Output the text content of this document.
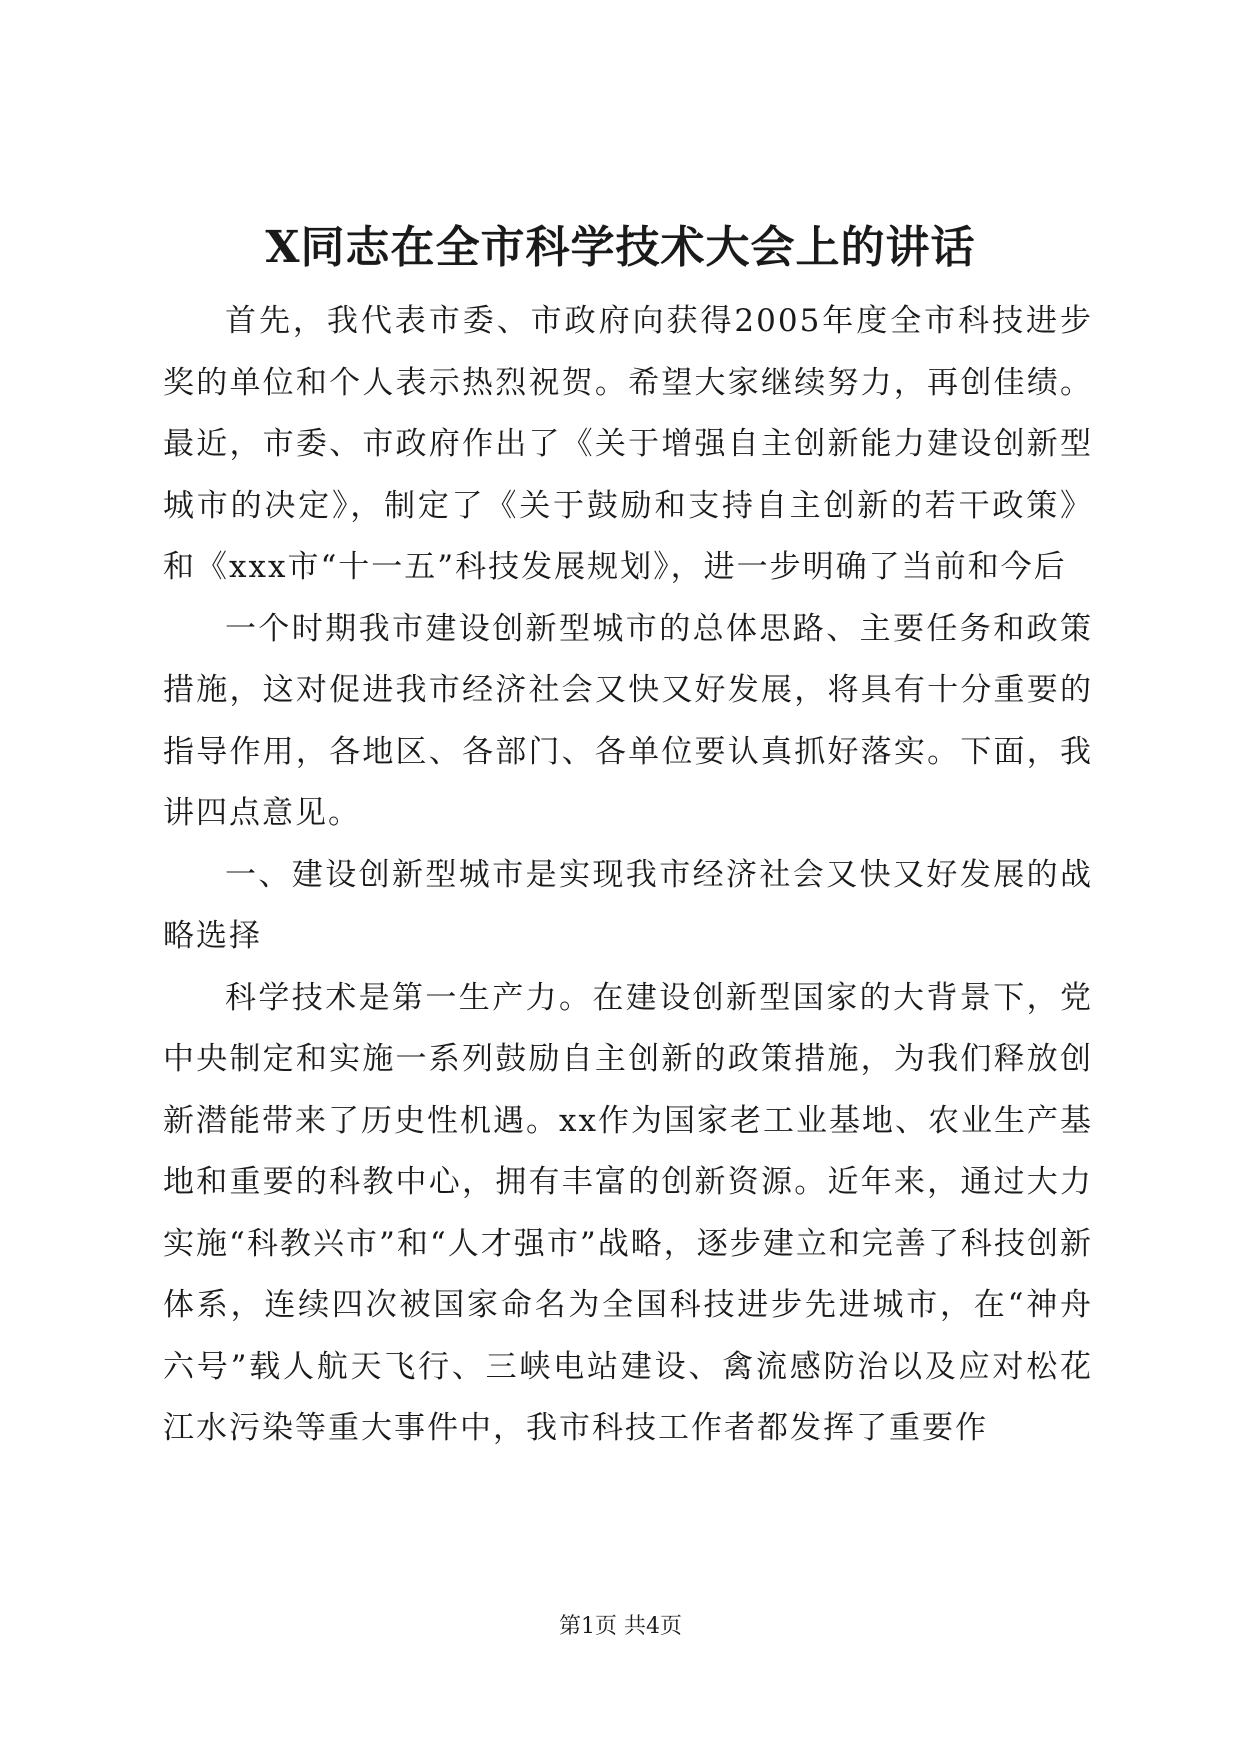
X同志在全市科学技术大会上的讲话

首先，我代表市委、市政府向获得2005年度全市科技进步奖的单位和个人表示热烈祝贺。希望大家继续努力，再创佳绩。最近，市委、市政府作出了《关于增强自主创新能力建设创新型城市的决定》，制定了《关于鼓励和支持自主创新的若干政策》和《xxx市“十一五”科技发展规划》，进一步明确了当前和今后

一个时期我市建设创新型城市的总体思路、主要任务和政策措施，这对促进我市经济社会又快又好发展，将具有十分重要的指导作用，各地区、各部门、各单位要认真抓好落实。下面，我讲四点意见。

一、建设创新型城市是实现我市经济社会又快又好发展的战略选择

科学技术是第一生产力。在建设创新型国家的大背景下，党中央制定和实施一系列鼓励自主创新的政策措施，为我们释放创新潜能带来了历史性机遇。xx作为国家老工业基地、农业生产基地和重要的科教中心，拥有丰富的创新资源。近年来，通过大力实施“科教兴市”和“人才强市”战略，逐步建立和完善了科技创新体系，连续四次被国家命名为全国科技进步先进城市，在“神舟六号”载人航天飞行、三峡电站建设、禽流感防治以及应对松花江水污染等重大事件中，我市科技工作者都发挥了重要作

第1页 共4页
